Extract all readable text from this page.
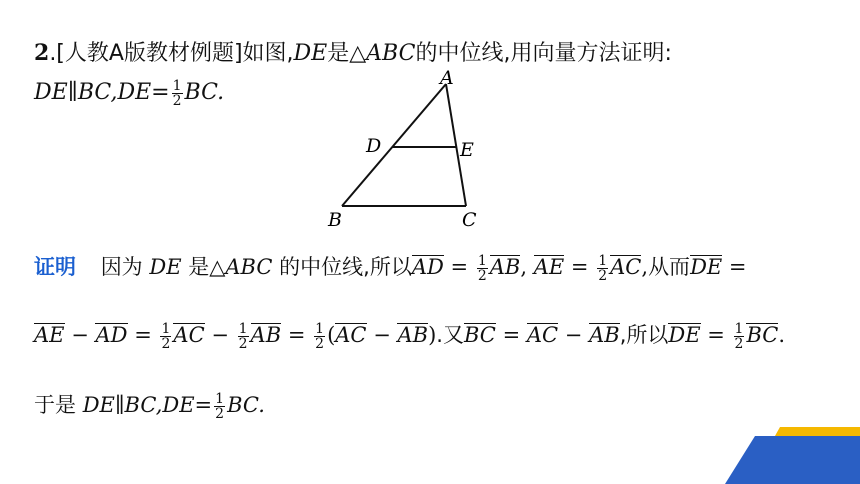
2.[人教A版教材例题]如图,DE是△ABC的中位线,用向量方法证明:
DE∥BC,DE= $\frac{1}{2}$ BC.
A
D	E
B	C
证明 因为 DE 是△ABC 的中位线,所以AD = $\frac{1}{2}$ AB, AE = $\frac{1}{2}$ AC,从而DE =
AE − AD = $\frac{1}{2}$ AC − $\frac{1}{2}$ AB = $\frac{1}{2} (AC - AB)$.又BC = AC − AB,所以DE = $\frac{1}{2}$ BC.
于是 DE∥BC,DE= $\frac{1}{2}$ BC.
